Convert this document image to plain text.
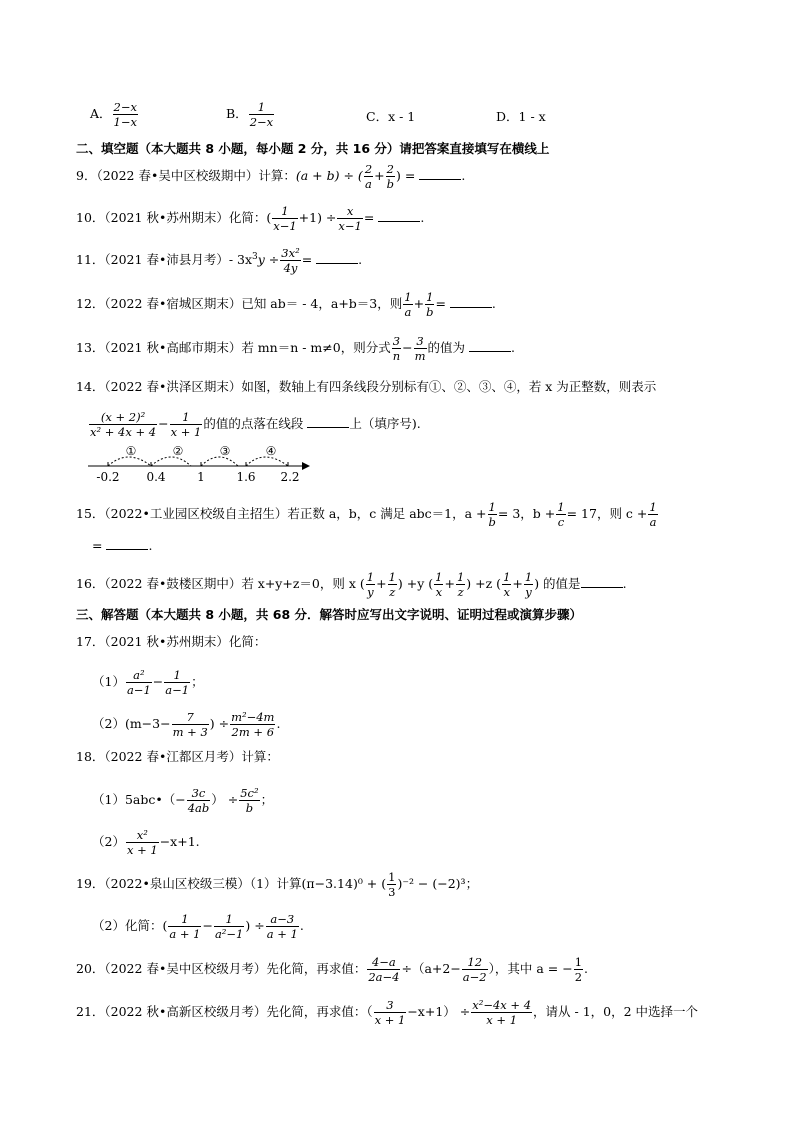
A． $\frac{2-x}{1-x}$	B． $\frac{1}{2-x}$	C．x - 1	D．1 - x
二、填空题（本大题共 8 小题，每小题 2 分，共 16 分）请把答案直接填写在横线上
9．（2022 春•吴中区校级期中）计算：(a + b) ÷ ( $\frac{2}{a} + \frac{2}{b}$ ) =	.
10．（2021 秋•苏州期末）化简：( $\frac{1}{x-1} +1) \div \frac{x}{x-1}$ =	.
11．（2021 春•沛县月考）- $3x^3y \div \frac{\text{3x²}}{4y}$ =	.
12．（2022 春•宿城区期末）已知 ab＝ - 4，a+b＝3，则 $\frac{1}{a} + \frac{1}{b}$ =	.
13．（2021 秋•高邮市期末）若 mn＝n - m≠0，则分式 $\frac{3}{n} - \frac{3}{m}$ 的值为	.
14．（2022 春•洪泽区期末）如图，数轴上有四条线段分别标有①、②、③、④，若 x 为正整数，则表示
$\frac{\text{(x + 2)²}}{\text{x² + 4x + 4}} - \frac{1}{x + 1}$ 的值的点落在线段	上（填序号).
①	②	③	④
-0.2 0.4	1	1.6 2.2
15．（2022•工业园区校级自主招生）若正数 a，b，c 满足 abc＝1，$a + \frac{1}{b} = 3$，$b + \frac{1}{c} = 17$，则 $c + \frac{1}{a}$
=	.
16．（2022 春•鼓楼区期中）若 x+y+z＝0，则 x ( $\frac{1}{y} + \frac{1}{z}$ ) +y ( $\frac{1}{x} + \frac{1}{z}$ ) +z ( $\frac{1}{x} + \frac{1}{y}$ ) 的值是	.
三、解答题（本大题共 8 小题，共 68 分．解答时应写出文字说明、证明过程或演算步骤）
17．（2021 秋•苏州期末）化简：
$(1) \frac{\text{a²}}{a-1} - \frac{1}{a-1}$ ；
$(2)(m-3- \frac{7}{m + 3}$ ) ÷ $\frac{\text{m²−4m}}{2m + 6}$ .
18．（2022 春•江都区月考）计算：
（1）5abc•（− $\frac{3c}{4ab}$ ） ÷ $\frac{\text{5c²}}{b}$ ；
$(2) \frac{\text{x²}}{x + 1} -x+1$.
19．（2022•泉山区校级三模）（1）计算(π−3.14)⁰ + ( $\frac{1}{3} )^{-2} - (-2)^3$；
（2）化简：( $\frac{1}{a + 1} - \frac{1}{\text{a²−1}}$ ) ÷ $\frac{a-3}{a + 1}$ .
20．（2022 春•吴中区校级月考）先化简，再求值： $\frac{4-a}{2a-4} \div(a+2- \frac{12}{a-2}$ ），其中 a = − $\frac{1}{2}$ .
21．（2022 秋•高新区校级月考）先化简，再求值：（ $\frac{3}{x + 1} -x+1) \div \frac{\text{x²−4x + 4}}{x + 1}$ ，请从 - 1，0，2 中选择一个
